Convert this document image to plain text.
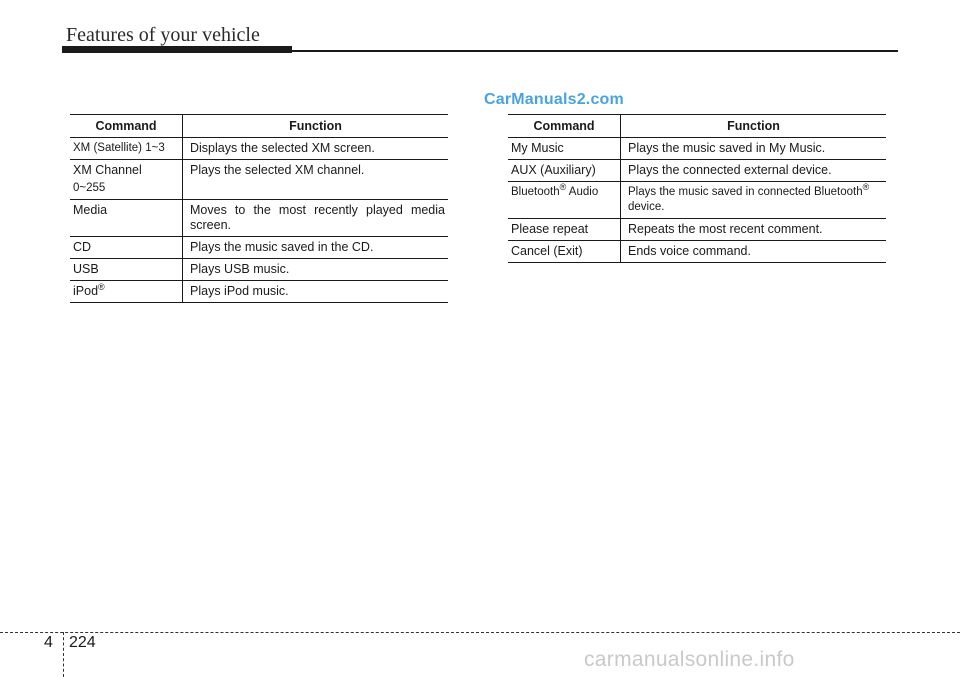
Features of your vehicle
CarManuals2.com
Command	Function
XM (Satellite) 1~3	Displays the selected XM screen.

XM Channel
0~255	Plays the selected XM channel.
Media	Moves to the most recently played media screen.
CD	Plays the music saved in the CD.
USB	Plays USB music.
iPod®	Plays iPod music.
Command	Function
My Music	Plays the music saved in My Music.
AUX (Auxiliary)	Plays the connected external device.
Bluetooth® Audio	Plays the music saved in connected Bluetooth®
device.
Please repeat	Repeats the most recent comment.
Cancel (Exit)	Ends voice command.
4 224
carmanualsonline.info
